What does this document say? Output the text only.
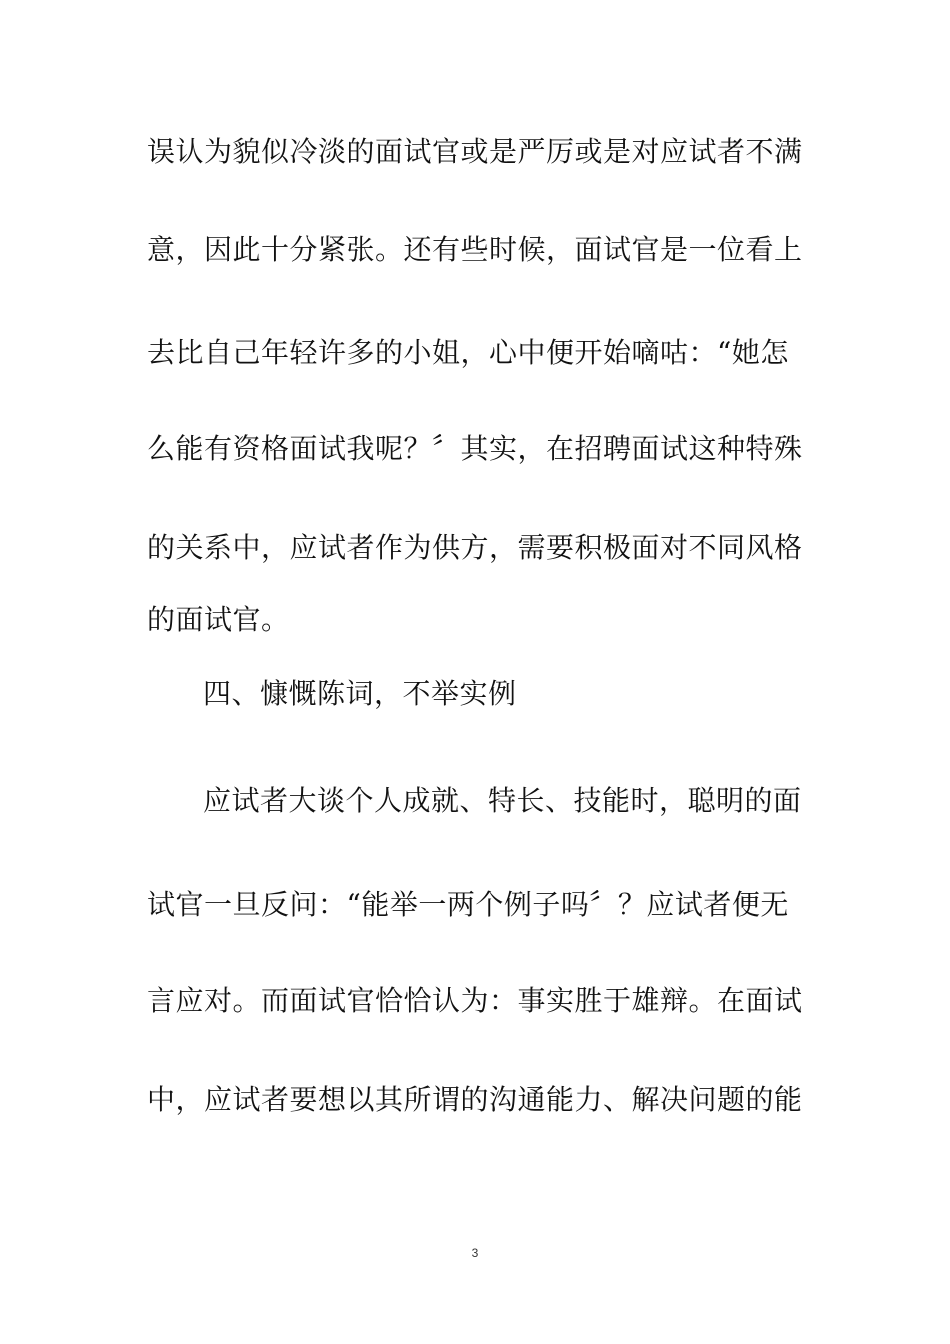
误认为貌似冷淡的面试官或是严厉或是对应试者不满
意，因此十分紧张。还有些时候，面试官是一位看上
去比自己年轻许多的小姐，心中便开始嘀咕：“她怎
么能有资格面试我呢？〞其实，在招聘面试这种特殊
的关系中，应试者作为供方，需要积极面对不同风格
的面试官。
四、慷慨陈词，不举实例
应试者大谈个人成就、特长、技能时，聪明的面
试官一旦反问：“能举一两个例子吗〞？应试者便无
言应对。而面试官恰恰认为：事实胜于雄辩。在面试
中，应试者要想以其所谓的沟通能力、解决问题的能
3
